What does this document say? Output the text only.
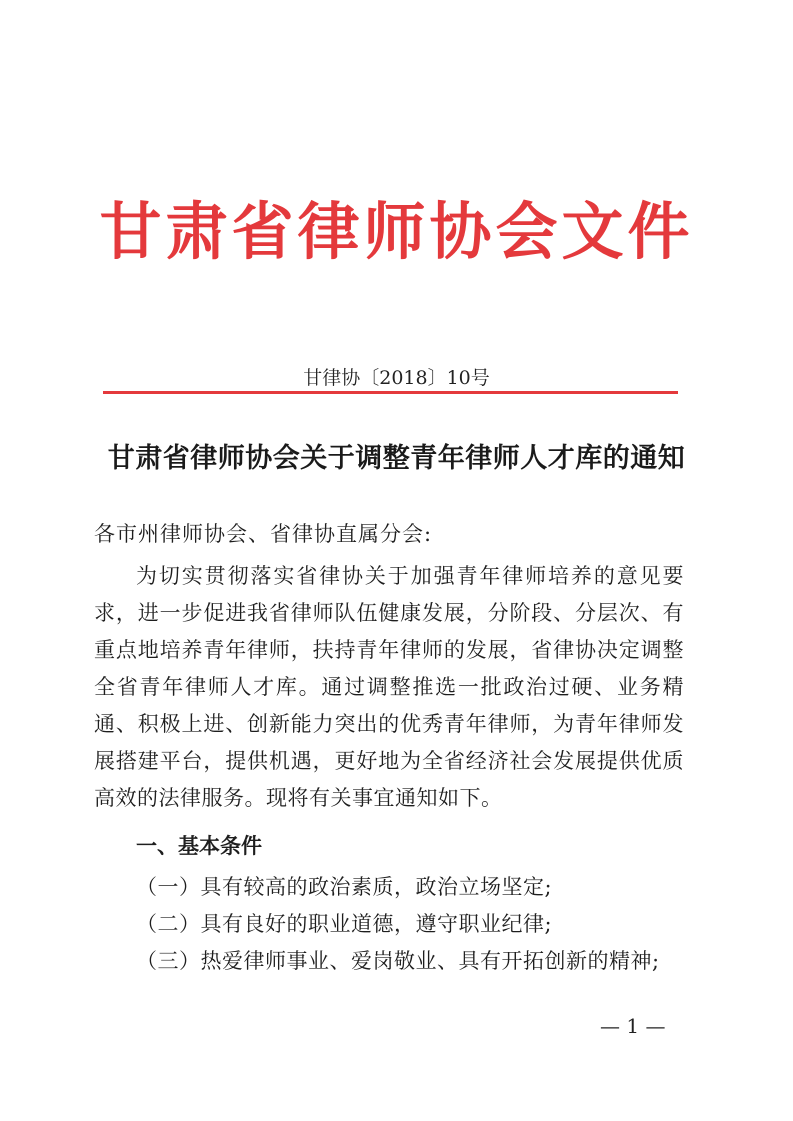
甘肃省律师协会文件
甘律协〔2018〕10号
甘肃省律师协会关于调整青年律师人才库的通知
各市州律师协会、省律协直属分会:
为切实贯彻落实省律协关于加强青年律师培养的意见要求，进一步促进我省律师队伍健康发展，分阶段、分层次、有重点地培养青年律师，扶持青年律师的发展，省律协决定调整全省青年律师人才库。通过调整推选一批政治过硬、业务精通、积极上进、创新能力突出的优秀青年律师，为青年律师发展搭建平台，提供机遇，更好地为全省经济社会发展提供优质高效的法律服务。现将有关事宜通知如下。
一、基本条件
（一）具有较高的政治素质，政治立场坚定;
（二）具有良好的职业道德，遵守职业纪律;
（三）热爱律师事业、爱岗敬业、具有开拓创新的精神;
— 1 —
